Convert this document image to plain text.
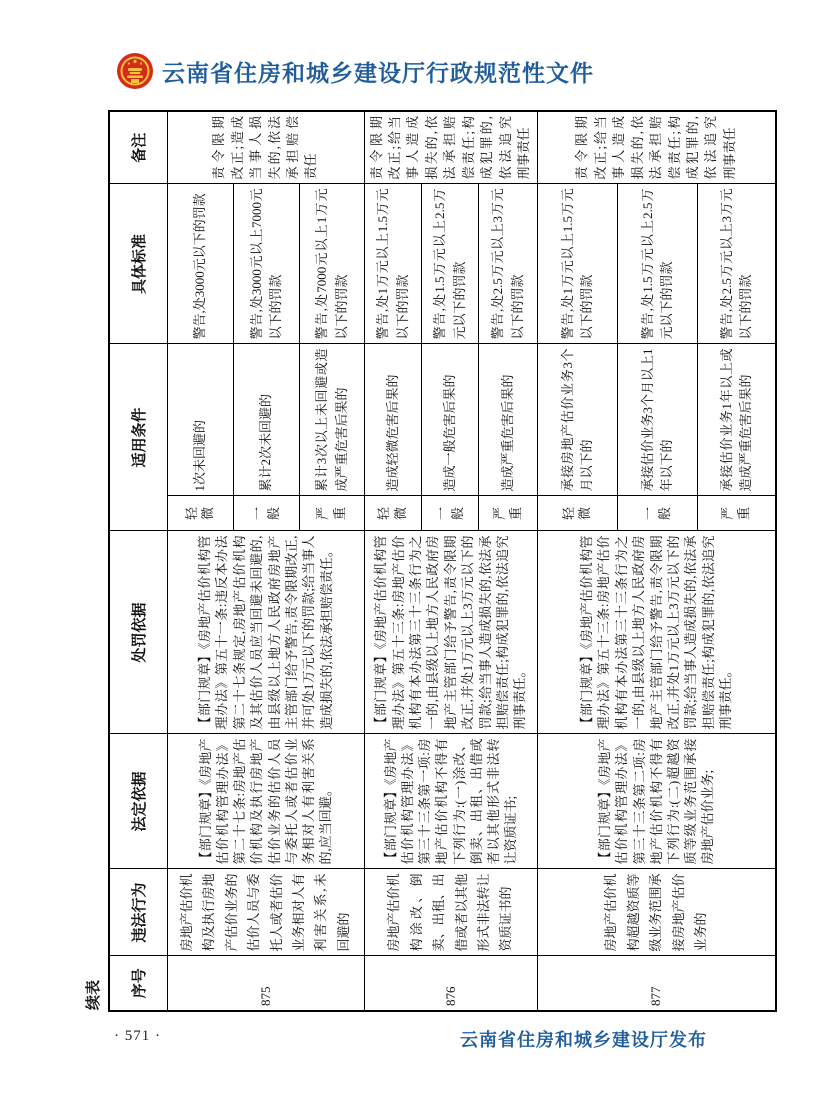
云南省住房和城乡建设厅行政规范性文件
续表	序号	违法行为	法定依据	处罚依据	适用条件		具体标准	备注
875	房地产估价机构及执行房地产估价业务的估价人员与委托人或者估价业务相对人有利害关系,未回避的	【部门规章】《房地产估价机构管理办法》第二十七条:房地产估价机构及执行房地产估价业务的估价人员与委托人或者估价业务相对人有利害关系的,应当回避。	【部门规章】《房地产估价机构管理办法》第五十一条:违反本办法第二十七条规定,房地产估价机构及其估价人员应当回避未回避的,由县级以上地方人民政府房地产主管部门给予警告,责令限期改正,并可处1万元以下的罚款;给当事人造成损失的,依法承担赔偿责任。	轻微	1次未回避的	警告,处3000元以下的罚款	责令限期改正;造成当事人损失的,依法承担赔偿责任

				一般	累计2次未回避的	警告,处3000元以上7000元以下的罚款	

				严重	累计3次以上未回避或造成严重危害后果的	警告,处7000元以上1万元以下的罚款	
876	房地产估价机构涂改、倒卖、出租、出借或者以其他形式非法转让资质证书的	【部门规章】《房地产估价机构管理办法》第三十三条第一项:房地产估价机构不得有下列行为:(一)涂改、倒卖、出租、出借或者以其他形式非法转让资质证书;	【部门规章】《房地产估价机构管理办法》第五十三条:房地产估价机构有本办法第三十三条行为之一的,由县级以上地方人民政府房地产主管部门给予警告,责令限期改正,并处1万元以上3万元以下的罚款;给当事人造成损失的,依法承担赔偿责任;构成犯罪的,依法追究刑事责任。	轻微	造成轻微危害后果的	警告,处1万元以上1.5万元以下的罚款	责令限期改正;给当事人造成损失的,依法承担赔偿责任;构成犯罪的,依法追究刑事责任

				一般	造成一般危害后果的	警告,处1.5万元以上2.5万元以下的罚款	

				严重	造成严重危害后果的	警告,处2.5万元以上3万元以下的罚款	
877	房地产估价机构超越资质等级业务范围承接房地产估价业务的	【部门规章】《房地产估价机构管理办法》第三十三条第二项:房地产估价机构不得有下列行为:(二)超越资质等级业务范围承接房地产估价业务;	【部门规章】《房地产估价机构管理办法》第五十三条:房地产估价机构有本办法第三十三条行为之一的,由县级以上地方人民政府房地产主管部门给予警告,责令限期改正,并处1万元以上3万元以下的罚款;给当事人造成损失的,依法承担赔偿责任;构成犯罪的,依法追究刑事责任。	轻微	承接房地产估价业务3个月以下的	警告,处1万元以上1.5万元以下的罚款	责令限期改正;给当事人造成损失的,依法承担赔偿责任;构成犯罪的,依法追究刑事责任

				一般	承接估价业务3个月以上1年以下的	警告,处1.5万元以上2.5万元以下的罚款	

				严重	承接估价业务1年以上或造成严重危害后果的	警告,处2.5万元以上3万元以下的罚款	
· 571 ·	云南省住房和城乡建设厅发布
